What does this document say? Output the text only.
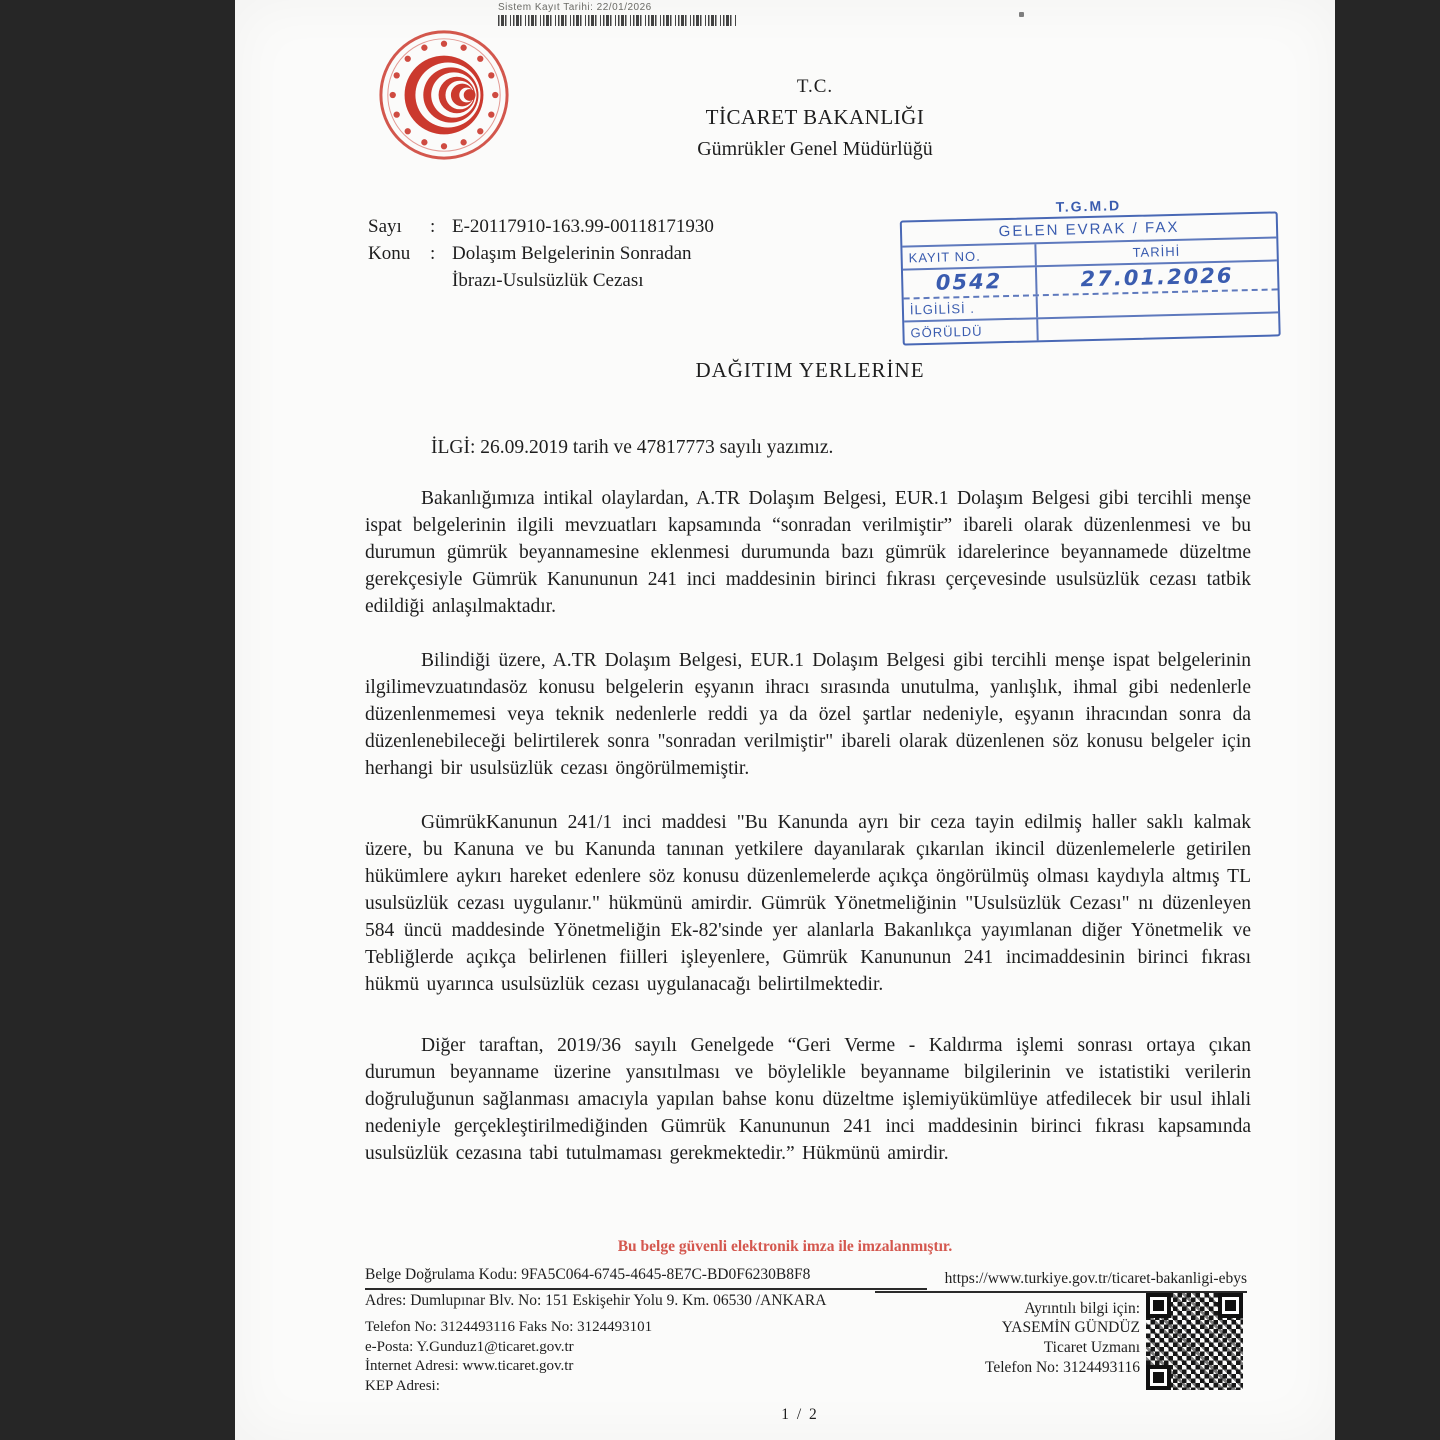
Sistem Kayıt Tarihi: 22/01/2026
T.C.
TİCARET BAKANLIĞI
Gümrükler Genel Müdürlüğü
Sayı	: E-20117910-163.99-00118171930
Konu	: Dolaşım Belgelerinin Sonradan
İbrazı-Usulsüzlük Cezası
T.G.M.D
GELEN EVRAK / FAX
KAYIT NO.	TARİHİ
0542	27.01.2026
İLGİLİSİ .
GÖRÜLDÜ
DAĞITIM YERLERİNE
İLGİ: 26.09.2019 tarih ve 47817773 sayılı yazımız.

Bakanlığımıza intikal olaylardan, A.TR Dolaşım Belgesi, EUR.1 Dolaşım Belgesi gibi tercihli menşe ispat belgelerinin ilgili mevzuatları kapsamında “sonradan verilmiştir” ibareli olarak düzenlenmesi ve bu durumun gümrük beyannamesine eklenmesi durumunda bazı gümrük idarelerince beyannamede düzeltme gerekçesiyle Gümrük Kanununun 241 inci maddesinin birinci fıkrası çerçevesinde usulsüzlük cezası tatbik edildiği anlaşılmaktadır.

Bilindiği üzere, A.TR Dolaşım Belgesi, EUR.1 Dolaşım Belgesi gibi tercihli menşe ispat belgelerinin ilgilimevzuatındasöz konusu belgelerin eşyanın ihracı sırasında unutulma, yanlışlık, ihmal gibi nedenlerle düzenlenmemesi veya teknik nedenlerle reddi ya da özel şartlar nedeniyle, eşyanın ihracından sonra da düzenlenebileceği belirtilerek sonra "sonradan verilmiştir" ibareli olarak düzenlenen söz konusu belgeler için herhangi bir usulsüzlük cezası öngörülmemiştir.

GümrükKanunun 241/1 inci maddesi "Bu Kanunda ayrı bir ceza tayin edilmiş haller saklı kalmak üzere, bu Kanuna ve bu Kanunda tanınan yetkilere dayanılarak çıkarılan ikincil düzenlemelerle getirilen hükümlere aykırı hareket edenlere söz konusu düzenlemelerde açıkça öngörülmüş olması kaydıyla altmış TL usulsüzlük cezası uygulanır." hükmünü amirdir. Gümrük Yönetmeliğinin "Usulsüzlük Cezası" nı düzenleyen 584 üncü maddesinde Yönetmeliğin Ek-82'sinde yer alanlarla Bakanlıkça yayımlanan diğer Yönetmelik ve Tebliğlerde açıkça belirlenen fiilleri işleyenlere, Gümrük Kanununun 241 incimaddesinin birinci fıkrası hükmü uyarınca usulsüzlük cezası uygulanacağı belirtilmektedir.

Diğer taraftan, 2019/36 sayılı Genelgede “Geri Verme - Kaldırma işlemi sonrası ortaya çıkan durumun beyanname üzerine yansıtılması ve böylelikle beyanname bilgilerinin ve istatistiki verilerin doğruluğunun sağlanması amacıyla yapılan bahse konu düzeltme işlemiyükümlüye atfedilecek bir usul ihlali nedeniyle gerçekleştirilmediğinden Gümrük Kanununun 241 inci maddesinin birinci fıkrası kapsamında usulsüzlük cezasına tabi tutulmaması gerekmektedir.” Hükmünü amirdir.

Bu belge güvenli elektronik imza ile imzalanmıştır.
Belge Doğrulama Kodu: 9FA5C064-6745-4645-8E7C-BD0F6230B8F8	https://www.turkiye.gov.tr/ticaret-bakanligi-ebys
Adres: Dumlupınar Blv. No: 151 Eskişehir Yolu 9. Km. 06530 /ANKARA	Ayrıntılı bilgi için:
Telefon No: 3124493116 Faks No: 3124493101
e-Posta: Y.Gunduz1@ticaret.gov.tr
İnternet Adresi: www.ticaret.gov.tr
KEP Adresi:
YASEMİN GÜNDÜZ
Ticaret Uzmanı
Telefon No: 3124493116
1 / 2
